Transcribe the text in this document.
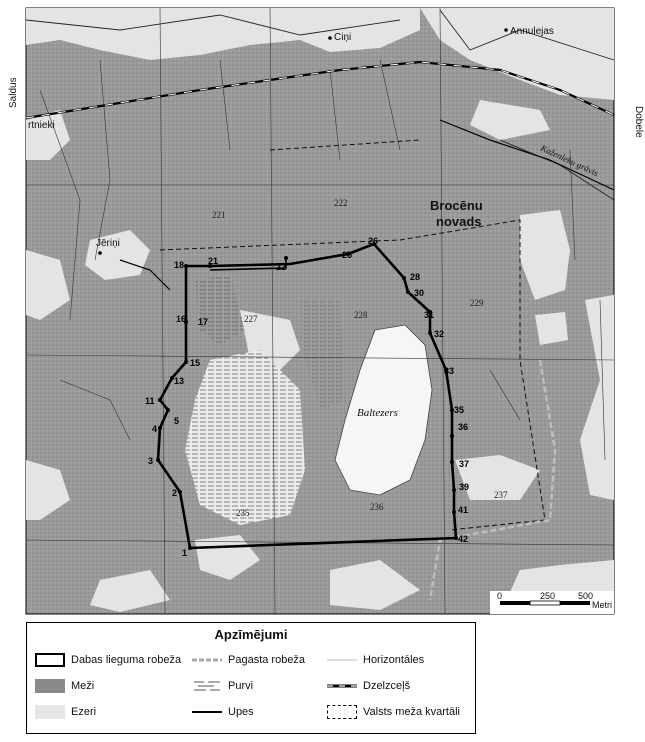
1
2
3
4
5
11
13
15
16 17
18	21
22
25
26
28
30
31
32
33
35
36
37
39
41
42
221
222
227	228
229
235
236
237
Ciņi
Annulejas
Saldus
Dobele
rtnieki
Jēriņi
Brocēnu
novads
Kaženleku grāvis
Baltezers
0	250	500
Metri
Apzīmējumi
Dabas lieguma robeža
Meži
Ezeri
Pagasta robeža
Purvi
Upes
Horizontāles
Dzelzceļš
Valsts meža kvartāli
